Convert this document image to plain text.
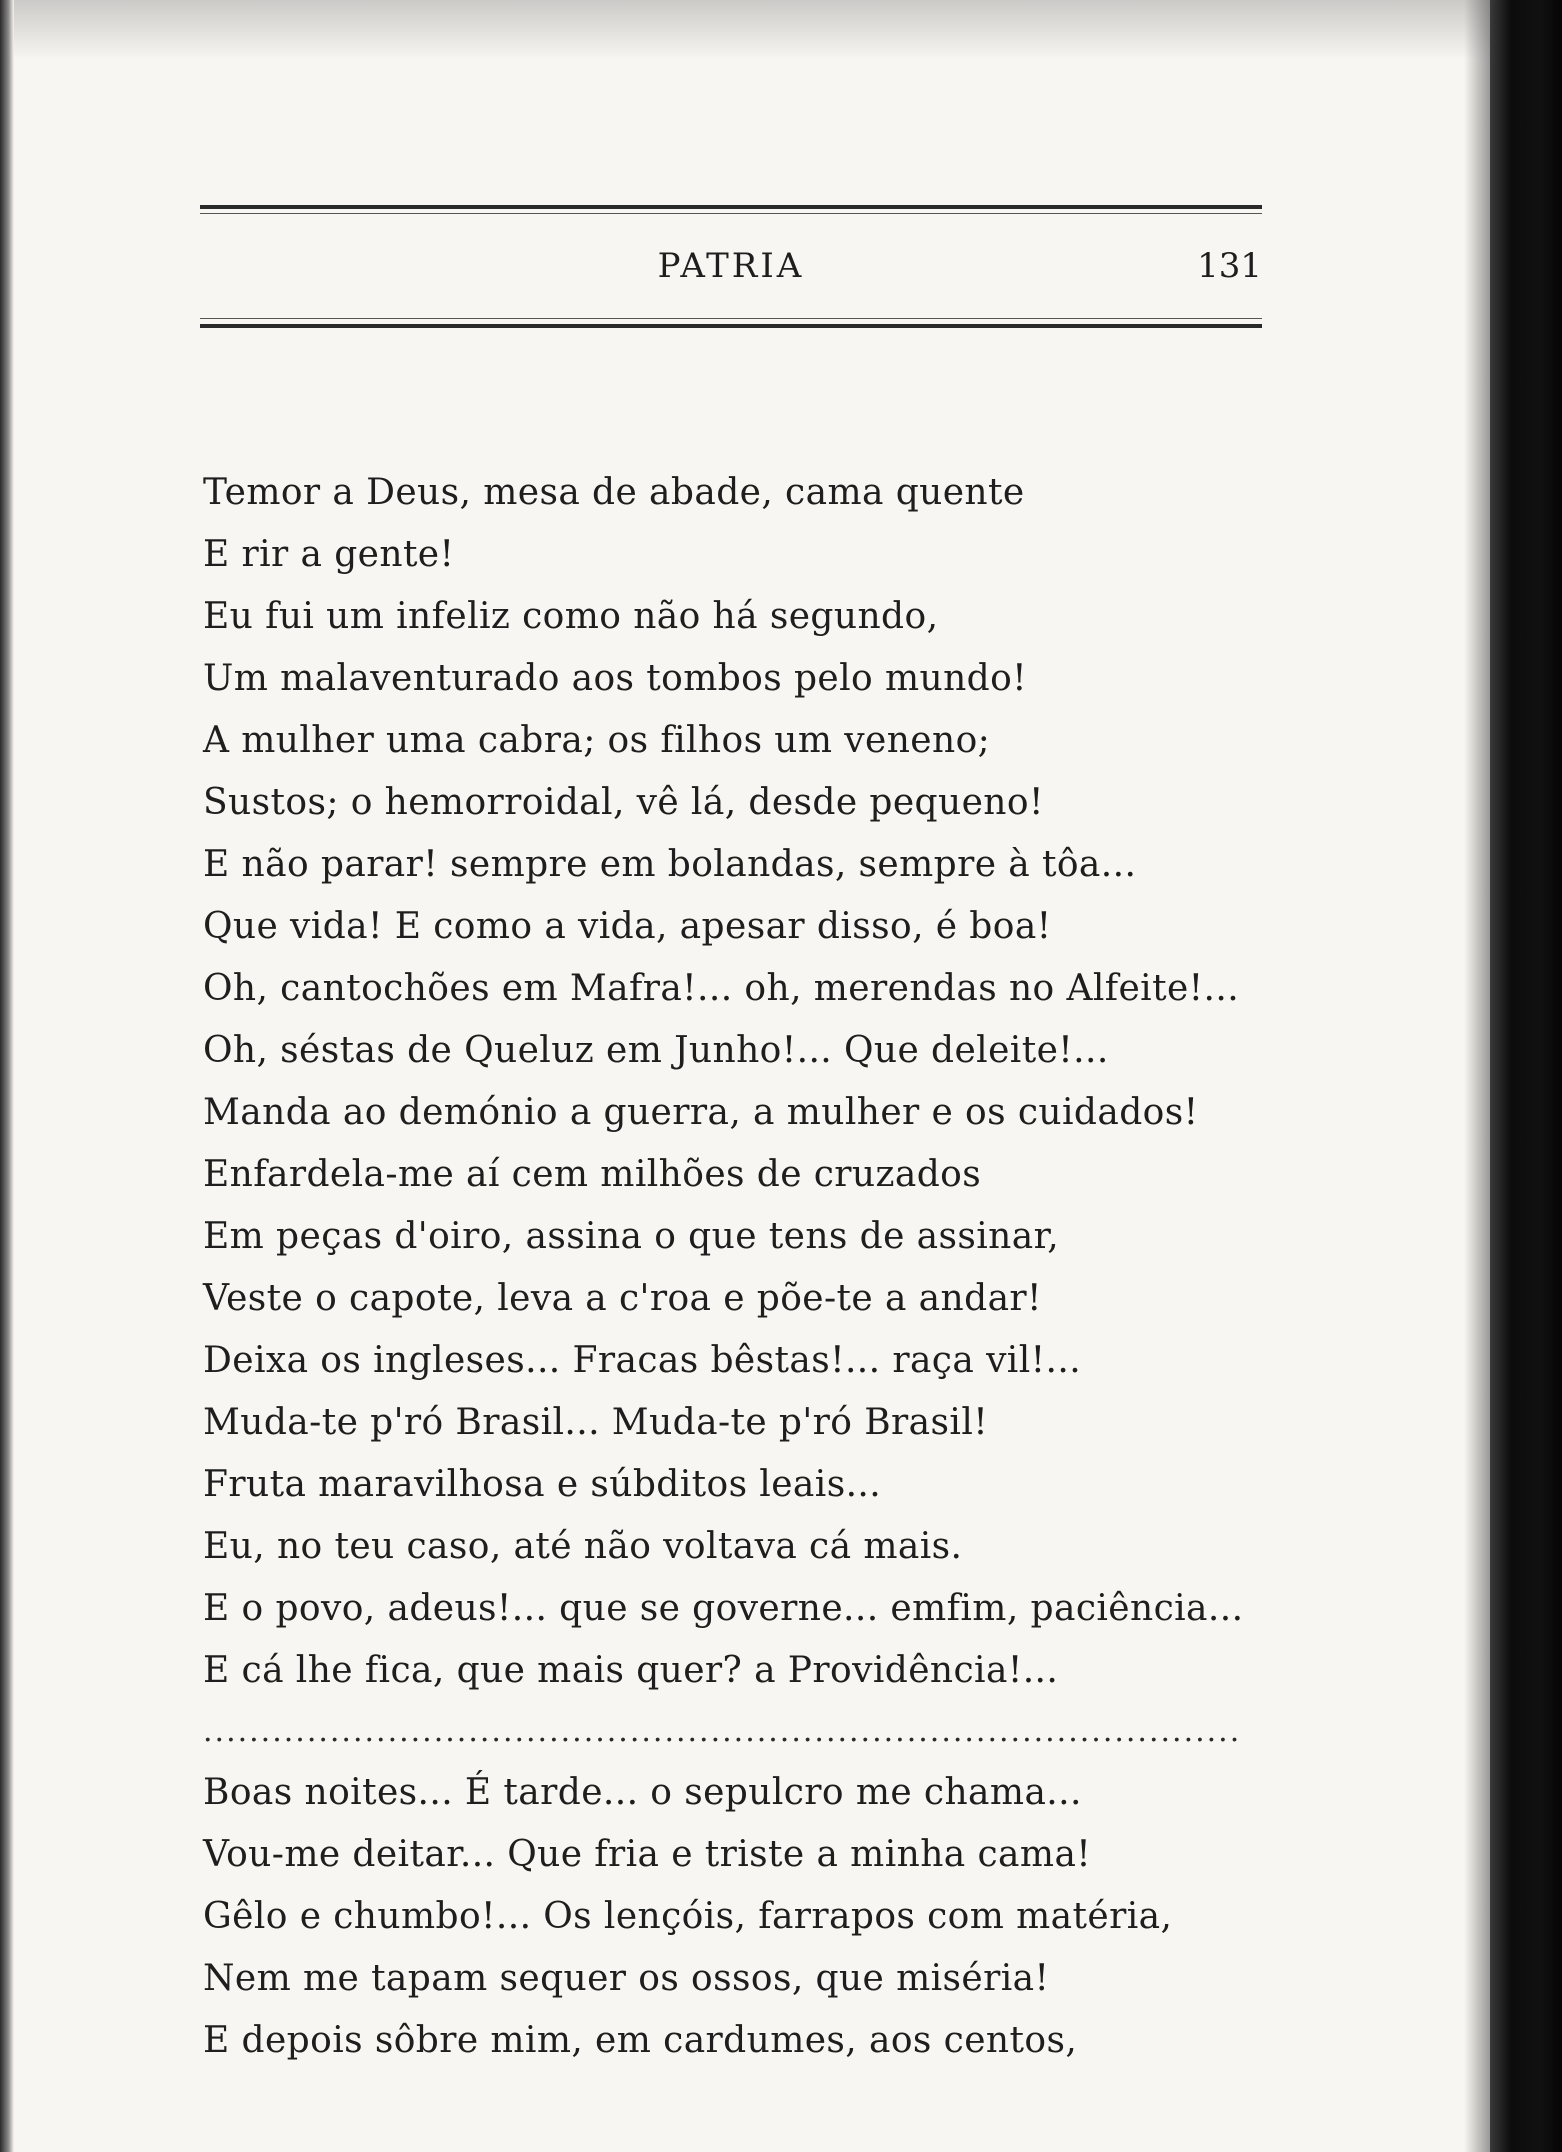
PATRIA	131
Temor a Deus, mesa de abade, cama quente
E rir a gente!
Eu fui um infeliz como não há segundo,
Um malaventurado aos tombos pelo mundo!
A mulher uma cabra; os filhos um veneno;
Sustos; o hemorroidal, vê lá, desde pequeno!
E não parar! sempre em bolandas, sempre à tôa...
Que vida! E como a vida, apesar disso, é boa!
Oh, cantochões em Mafra!... oh, merendas no Alfeite!...
Oh, séstas de Queluz em Junho!... Que deleite!...
Manda ao demónio a guerra, a mulher e os cuidados!
Enfardela-me aí cem milhões de cruzados
Em peças d'oiro, assina o que tens de assinar,
Veste o capote, leva a c'roa e põe-te a andar!
Deixa os ingleses... Fracas bêstas!... raça vil!...
Muda-te p'ró Brasil... Muda-te p'ró Brasil!
Fruta maravilhosa e súbditos leais...
Eu, no teu caso, até não voltava cá mais.
E o povo, adeus!... que se governe... emfim, paciência...
E cá lhe fica, que mais quer? a Providência!...
..........................................................................................
Boas noites... É tarde... o sepulcro me chama...
Vou-me deitar... Que fria e triste a minha cama!
Gêlo e chumbo!... Os lençóis, farrapos com matéria,
Nem me tapam sequer os ossos, que miséria!
E depois sôbre mim, em cardumes, aos centos,
